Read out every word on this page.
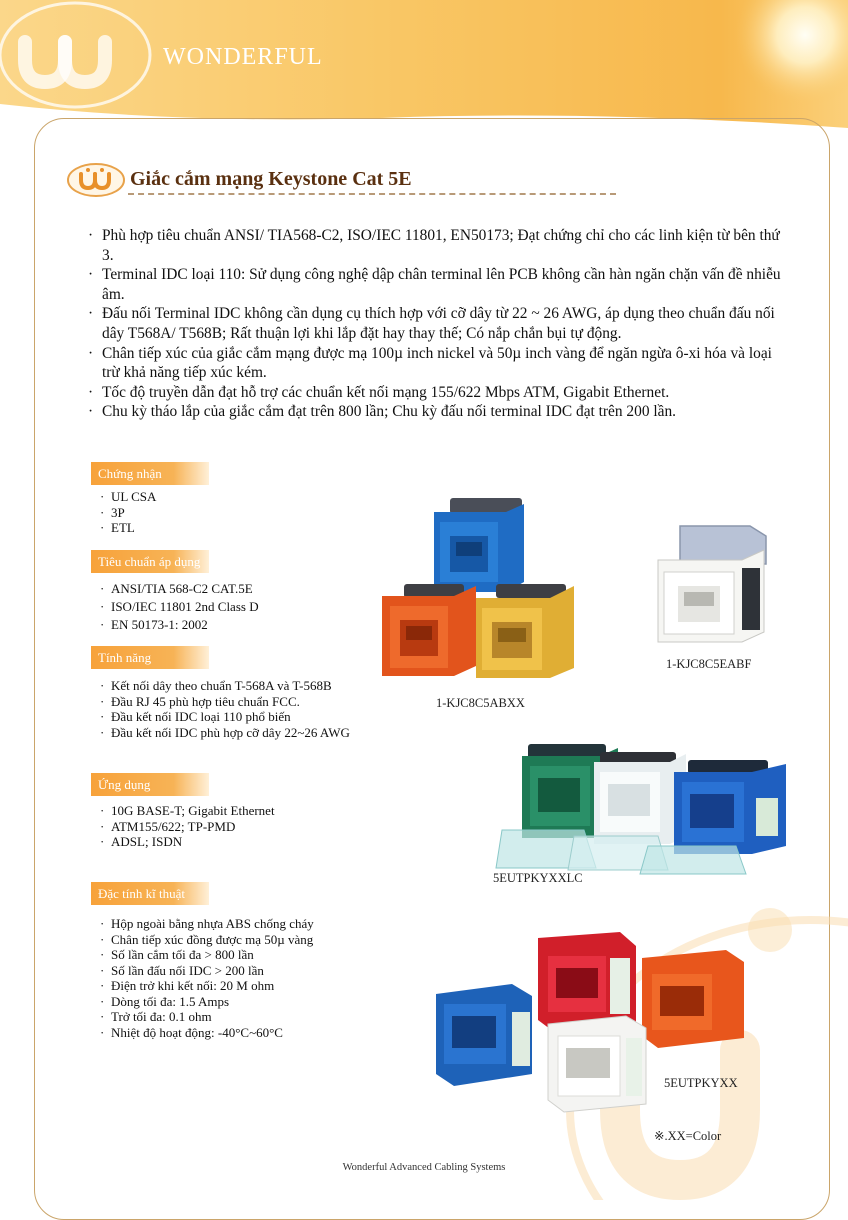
WONDERFUL
Giắc cắm mạng Keystone Cat 5E
· Phù hợp tiêu chuẩn ANSI/ TIA568-C2, ISO/IEC 11801, EN50173; Đạt chứng chỉ cho các linh kiện từ bên thứ 3.
· Terminal IDC loại 110: Sử dụng công nghệ dập chân terminal lên PCB không cần hàn ngăn chặn vấn đề nhiễu âm.
· Đấu nối Terminal IDC không cần dụng cụ thích hợp với cỡ dây từ 22 ~ 26 AWG, áp dụng theo chuẩn đấu nối dây T568A/ T568B; Rất thuận lợi khi lắp đặt hay thay thế; Có nắp chắn bụi tự động.
· Chân tiếp xúc của giắc cắm mạng được mạ 100µ inch nickel và 50µ inch vàng để ngăn ngừa ô-xi hóa và loại trừ khả năng tiếp xúc kém.
· Tốc độ truyền dẫn đạt hỗ trợ các chuẩn kết nối mạng 155/622 Mbps ATM, Gigabit Ethernet.
· Chu kỳ tháo lắp của giắc cắm đạt trên 800 lần; Chu kỳ đấu nối terminal IDC đạt trên 200 lần.
Chứng nhận
· UL CSA
· 3P
· ETL
Tiêu chuẩn áp dụng
· ANSI/TIA 568-C2 CAT.5E
· ISO/IEC 11801 2nd Class D
· EN 50173-1: 2002
Tính năng
· Kết nối dây theo chuẩn T-568A và T-568B
· Đầu RJ 45 phù hợp tiêu chuẩn FCC.
· Đầu kết nối IDC loại 110 phổ biến
· Đầu kết nối IDC phù hợp cỡ dây 22~26 AWG
Ứng dụng
· 10G BASE-T; Gigabit Ethernet
· ATM155/622; TP-PMD
· ADSL; ISDN
Đặc tính kĩ thuật
· Hộp ngoài bằng nhựa ABS chống cháy
· Chân tiếp xúc đồng được mạ 50µ vàng
· Số lần cắm tối đa > 800 lần
· Số lần đấu nối IDC > 200 lần
· Điện trở khi kết nối: 20 M ohm
· Dòng tối đa: 1.5 Amps
· Trở tối đa: 0.1 ohm
· Nhiệt độ hoạt động: -40°C~60°C
1-KJC8C5ABXX
1-KJC8C5EABF
5EUTPKYXXLC
5EUTPKYXX
※.XX=Color
Wonderful Advanced Cabling Systems
